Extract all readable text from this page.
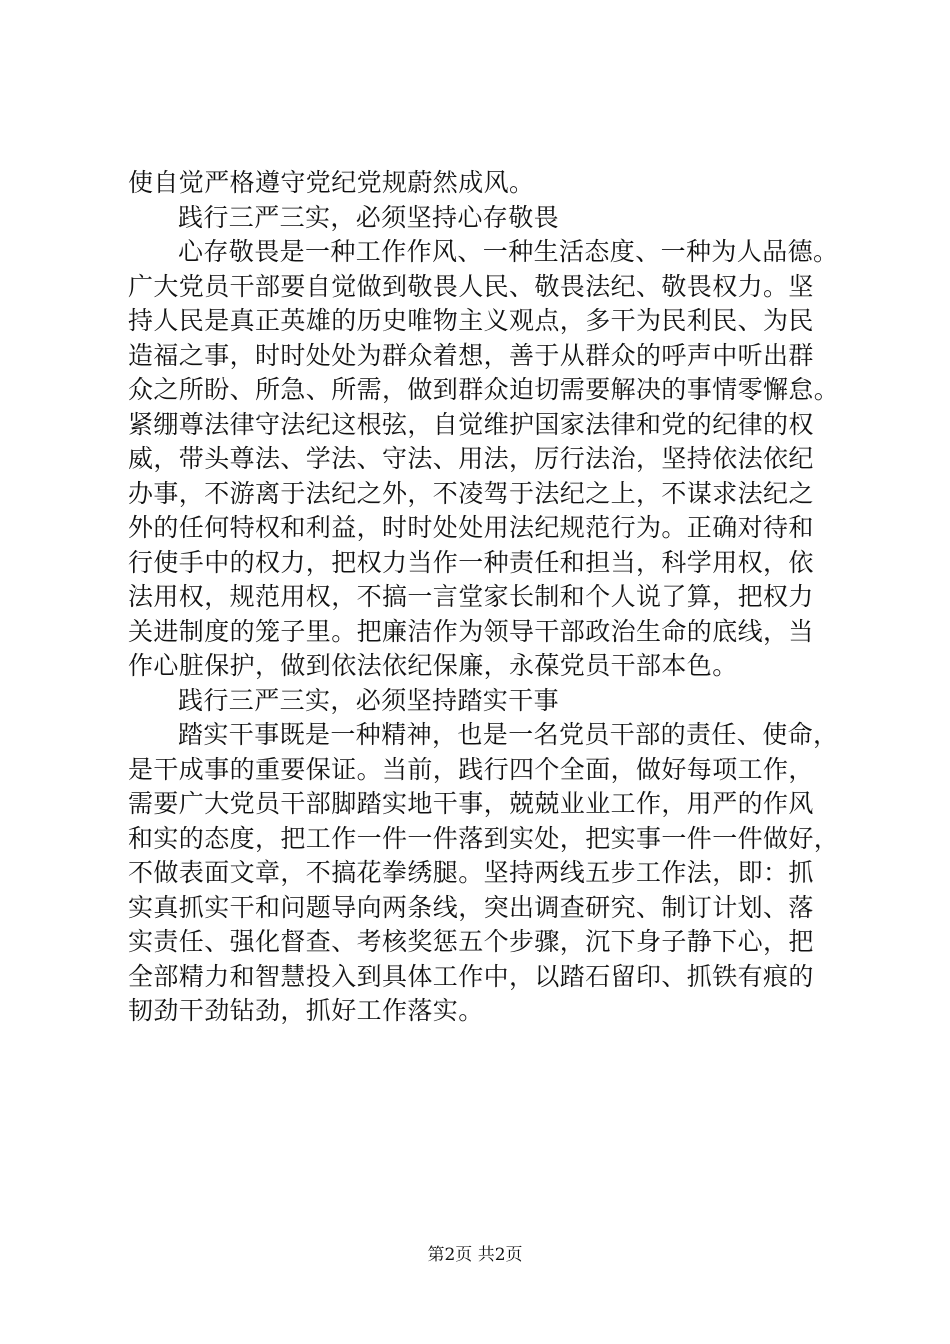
使自觉严格遵守党纪党规蔚然成风。
践行三严三实，必须坚持心存敬畏
心存敬畏是一种工作作风、一种生活态度、一种为人品德。
广大党员干部要自觉做到敬畏人民、敬畏法纪、敬畏权力。坚
持人民是真正英雄的历史唯物主义观点，多干为民利民、为民
造福之事，时时处处为群众着想，善于从群众的呼声中听出群
众之所盼、所急、所需，做到群众迫切需要解决的事情零懈怠。
紧绷尊法律守法纪这根弦，自觉维护国家法律和党的纪律的权
威，带头尊法、学法、守法、用法，厉行法治，坚持依法依纪
办事，不游离于法纪之外，不凌驾于法纪之上，不谋求法纪之
外的任何特权和利益，时时处处用法纪规范行为。正确对待和
行使手中的权力，把权力当作一种责任和担当，科学用权，依
法用权，规范用权，不搞一言堂家长制和个人说了算，把权力
关进制度的笼子里。把廉洁作为领导干部政治生命的底线，当
作心脏保护，做到依法依纪保廉，永葆党员干部本色。
践行三严三实，必须坚持踏实干事
踏实干事既是一种精神，也是一名党员干部的责任、使命，
是干成事的重要保证。当前，践行四个全面，做好每项工作，
需要广大党员干部脚踏实地干事，兢兢业业工作，用严的作风
和实的态度，把工作一件一件落到实处，把实事一件一件做好，
不做表面文章，不搞花拳绣腿。坚持两线五步工作法，即：抓
实真抓实干和问题导向两条线，突出调查研究、制订计划、落
实责任、强化督查、考核奖惩五个步骤，沉下身子静下心，把
全部精力和智慧投入到具体工作中，以踏石留印、抓铁有痕的
韧劲干劲钻劲，抓好工作落实。
第2页 共2页
